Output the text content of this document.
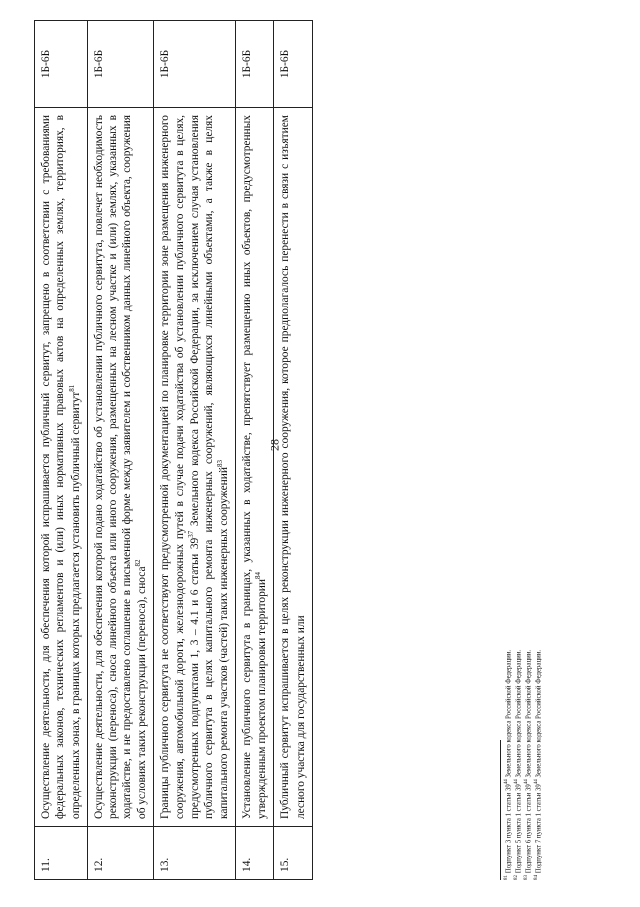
28
11.	Осуществление деятельности, для обеспечения которой испрашивается публичный сервитут, запрещено в соответствии с требованиями федеральных законов, технических регламентов и (или) иных нормативных правовых актов на определенных землях, территориях, в определенных зонах, в границах которых предлагается установить публичный сервитут$^{81}$	1Б-6Б
12.	Осуществление деятельности, для обеспечения которой подано ходатайство об установлении публичного сервитута, повлечет необходимость реконструкции (переноса), сноса линейного объекта или иного сооружения, размещенных на лесном участке и (или) землях, указанных в ходатайстве, и не предоставлено соглашение в письменной форме между заявителем и собственником данных линейного объекта, сооружения об условиях таких реконструкции (переноса), сноса$^{82}$	1Б-6Б
13.	Границы публичного сервитута не соответствуют предусмотренной документацией по планировке территории зоне размещения инженерного сооружения, автомобильной дороги, железнодорожных путей в случае подачи ходатайства об установлении публичного сервитута в целях, предусмотренных подпунктами 1, 3 – 4.1 и 6 статьи $39^{37}$ Земельного кодекса Российской Федерации, за исключением случая установления публичного сервитута в целях капитального ремонта инженерных сооружений, являющихся линейными объектами, а также в целях капитального ремонта участков (частей) таких инженерных сооружений$^{83}$	1Б-6Б
14.	Установление публичного сервитута в границах, указанных в ходатайстве, препятствует размещению иных объектов, предусмотренных утвержденным проектом планировки территории$^{84}$	1Б-6Б
15.	Публичный сервитут испрашивается в целях реконструкции инженерного сооружения, которое предполагалось перенести в связи с изъятием лесного участка для государственных или	1Б-6Б
$^{81}$ Подпункт 3 пункта 1 статьи $39^{44}$ Земельного кодекса Российской Федерации.
$^{82}$ Подпункт 5 пункта 1 статьи $39^{44}$ Земельного кодекса Российской Федерации.
$^{83}$ Подпункт 6 пункта 1 статьи $39^{44}$ Земельного кодекса Российской Федерации.
$^{84}$ Подпункт 7 пункта 1 статьи $39^{44}$ Земельного кодекса Российской Федерации.
